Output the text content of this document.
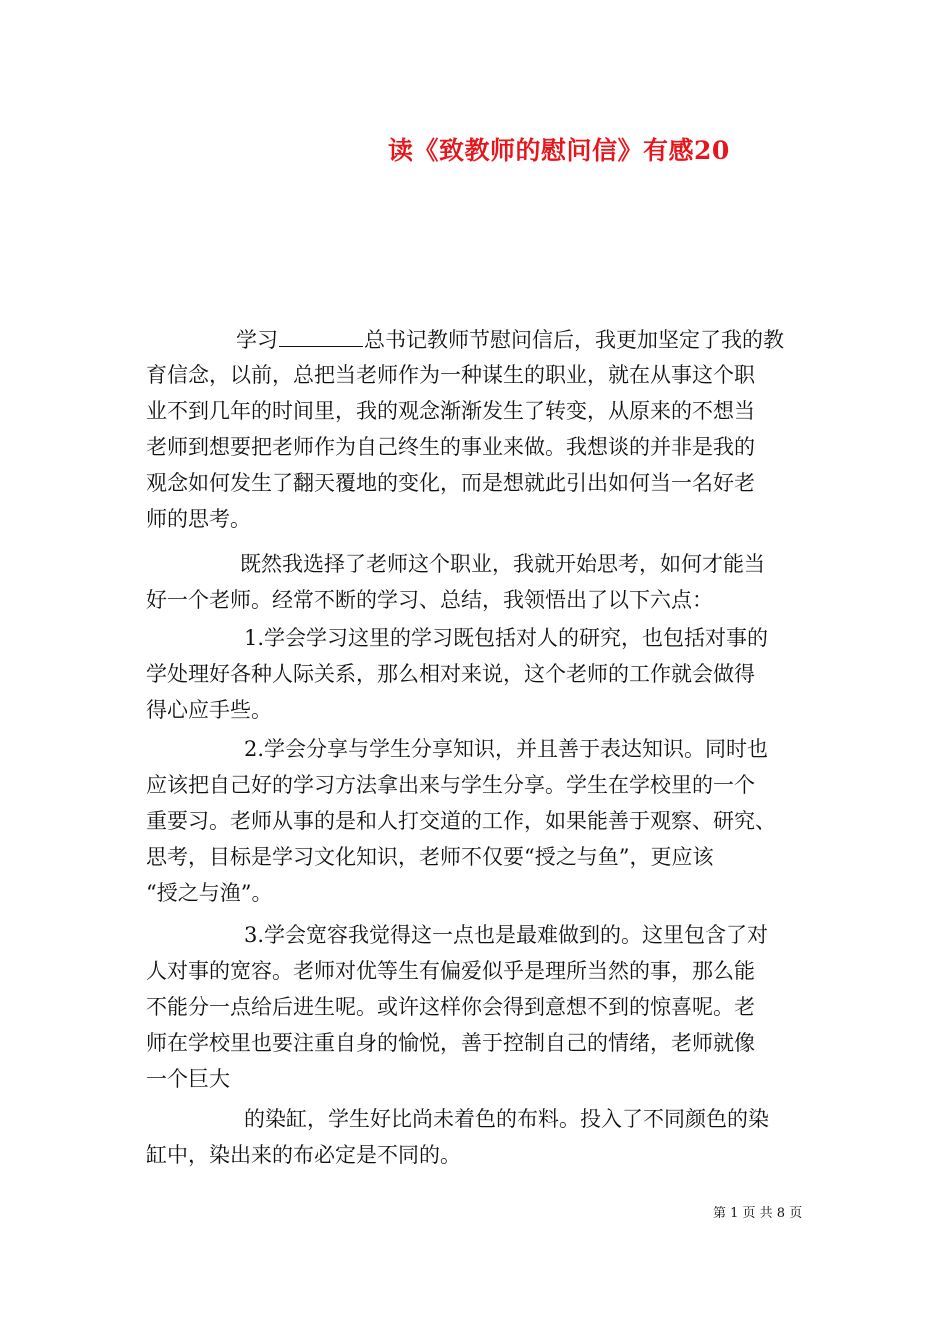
读《致教师的慰问信》有感20
学习	总书记教师节慰问信后，我更加坚定了我的教
育信念，以前，总把当老师作为一种谋生的职业，就在从事这个职
业不到几年的时间里，我的观念渐渐发生了转变，从原来的不想当
老师到想要把老师作为自己终生的事业来做。我想谈的并非是我的
观念如何发生了翻天覆地的变化，而是想就此引出如何当一名好老
师的思考。
既然我选择了老师这个职业，我就开始思考，如何才能当
好一个老师。经常不断的学习、总结，我领悟出了以下六点：
1.学会学习这里的学习既包括对人的研究，也包括对事的
学处理好各种人际关系，那么相对来说，这个老师的工作就会做得
得心应手些。
2.学会分享与学生分享知识，并且善于表达知识。同时也
应该把自己好的学习方法拿出来与学生分享。学生在学校里的一个
重要习。老师从事的是和人打交道的工作，如果能善于观察、研究、
思考，目标是学习文化知识，老师不仅要“授之与鱼”，更应该
“授之与渔”。
3.学会宽容我觉得这一点也是最难做到的。这里包含了对
人对事的宽容。老师对优等生有偏爱似乎是理所当然的事，那么能
不能分一点给后进生呢。或许这样你会得到意想不到的惊喜呢。老
师在学校里也要注重自身的愉悦，善于控制自己的情绪，老师就像
一个巨大
的染缸，学生好比尚未着色的布料。投入了不同颜色的染
缸中，染出来的布必定是不同的。
第 1 页 共 8 页
